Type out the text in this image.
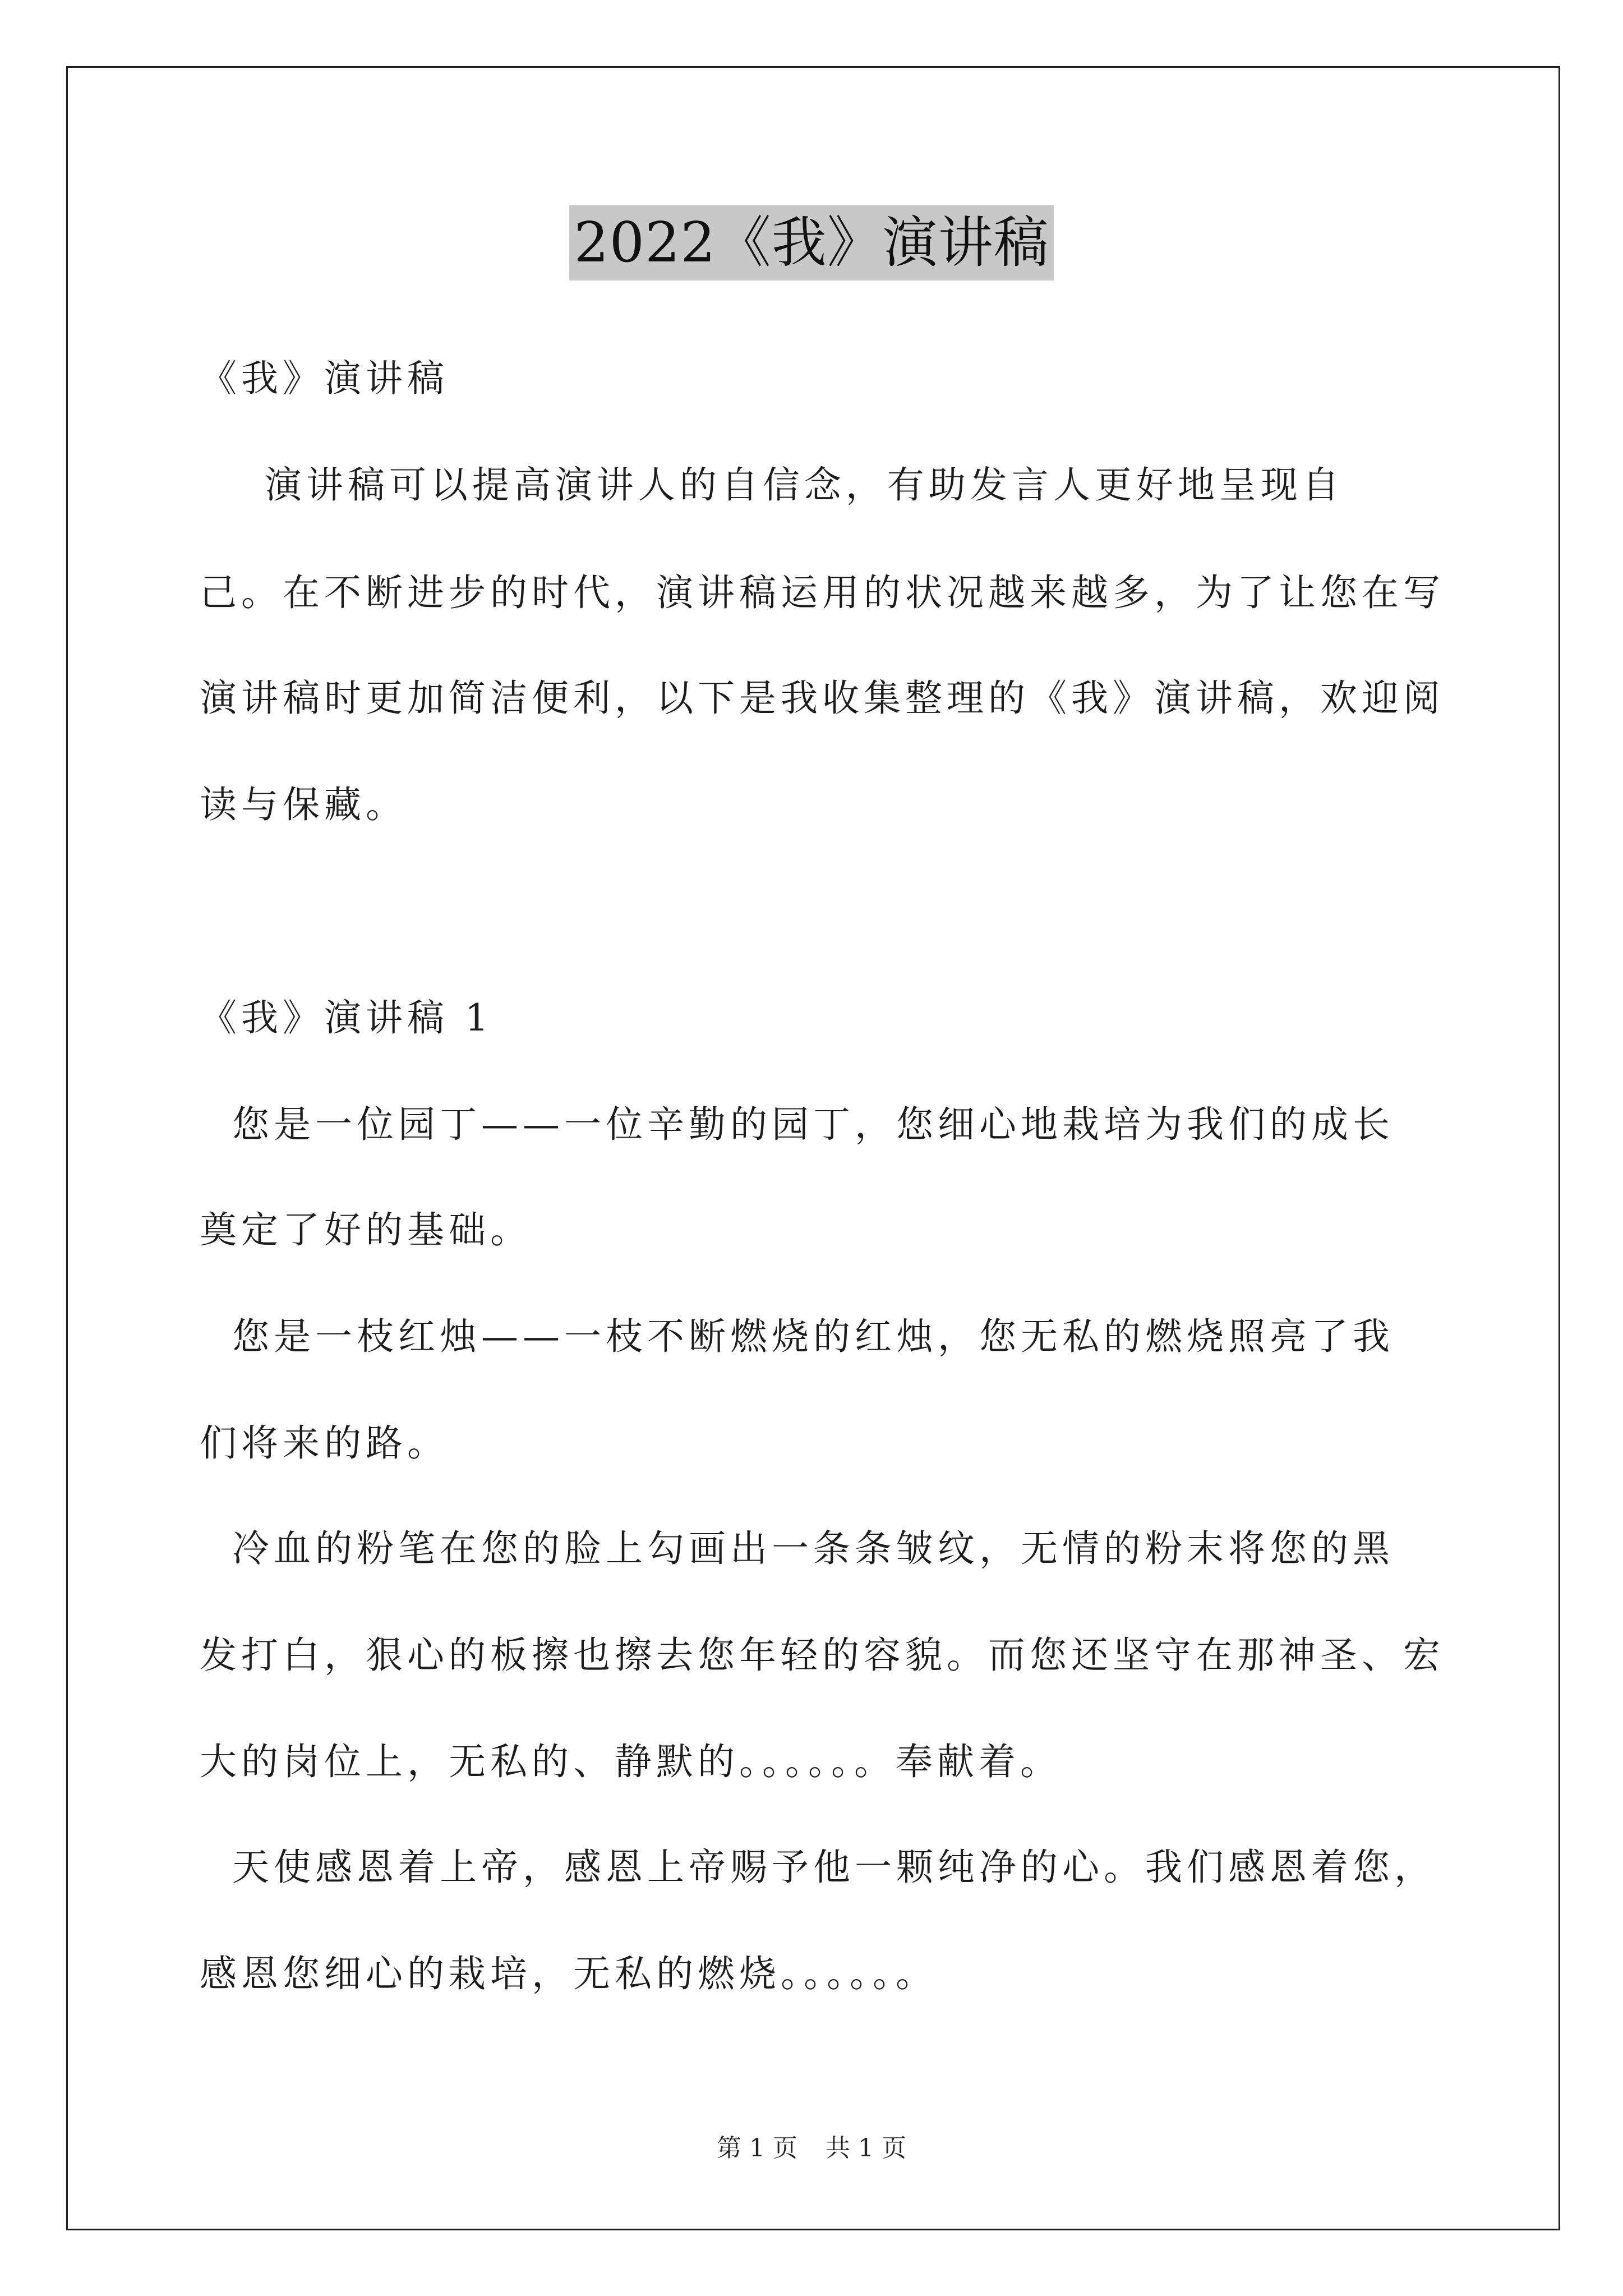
2022《我》演讲稿
《我》演讲稿
演讲稿可以提高演讲人的自信念，有助发言人更好地呈现自
己。在不断进步的时代，演讲稿运用的状况越来越多，为了让您在写
演讲稿时更加简洁便利，以下是我收集整理的《我》演讲稿，欢迎阅
读与保藏。
《我》演讲稿 1
您是一位园丁——一位辛勤的园丁，您细心地栽培为我们的成长
奠定了好的基础。
您是一枝红烛——一枝不断燃烧的红烛，您无私的燃烧照亮了我
们将来的路。
冷血的粉笔在您的脸上勾画出一条条皱纹，无情的粉末将您的黑
发打白，狠心的板擦也擦去您年轻的容貌。而您还坚守在那神圣、宏
大的岗位上，无私的、静默的。。。。。。奉献着。
天使感恩着上帝，感恩上帝赐予他一颗纯净的心。我们感恩着您，
感恩您细心的栽培，无私的燃烧。。。。。。
第 1 页 共 1 页
